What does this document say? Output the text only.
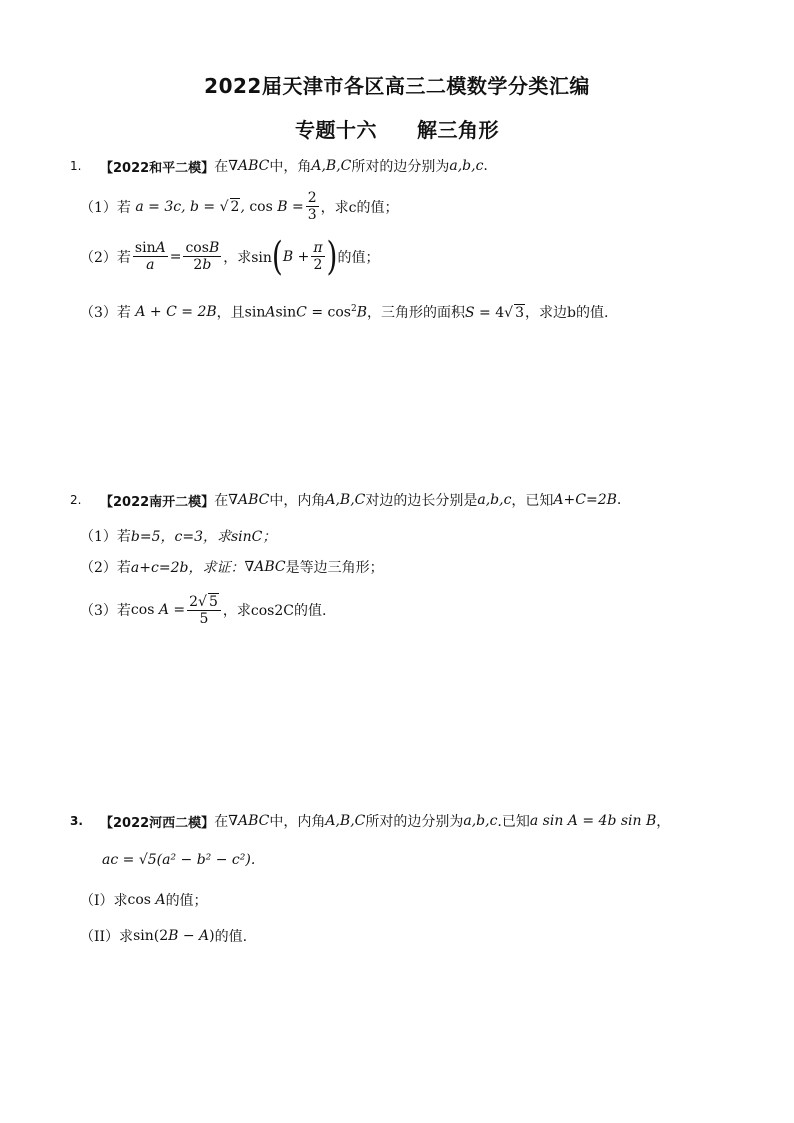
2022届天津市各区高三二模数学分类汇编
专题十六 解三角形
1.	【2022和平二模】 在 ∇ABC 中，角 A,B,C 所对的边分别为 a,b,c .
（1）若 a = 3c, b = √ 2, $\cos B = \frac{2}{3}$ ，求c的值；
（2）若 $\frac{\sin A}{a} = \frac{\cos B}{2b}$ ，求sin ( $B + \frac{\pi}{2}$ ) 的值；
（3）若 A + C = 2B ，且 sinAsinC = $\cos^2B$ ，三角形的面积 S = 4√ 3 ，求边b的值.
2.	【2022南开二模】 在 ∇ABC 中，内角 A,B,C 对边的边长分别是 a,b,c ，已知 A+C=2B .
（1）若 b=5，c=3，求sinC；
（2）若 a+c=2b，求证： ∇ABC 是等边三角形；
（3）若 $\cos A = \frac{2√ 5}{5}$ ，求cos2C的值.
3.	【2022河西二模】 在 ∇ABC 中，内角 A,B,C 所对的边分别为 a,b,c .已知 a sin A = 4b sin B ，
ac = √5(a² − b² − c²).
（I）求 cos A 的值；
（II）求 sin(2B − A) 的值.
